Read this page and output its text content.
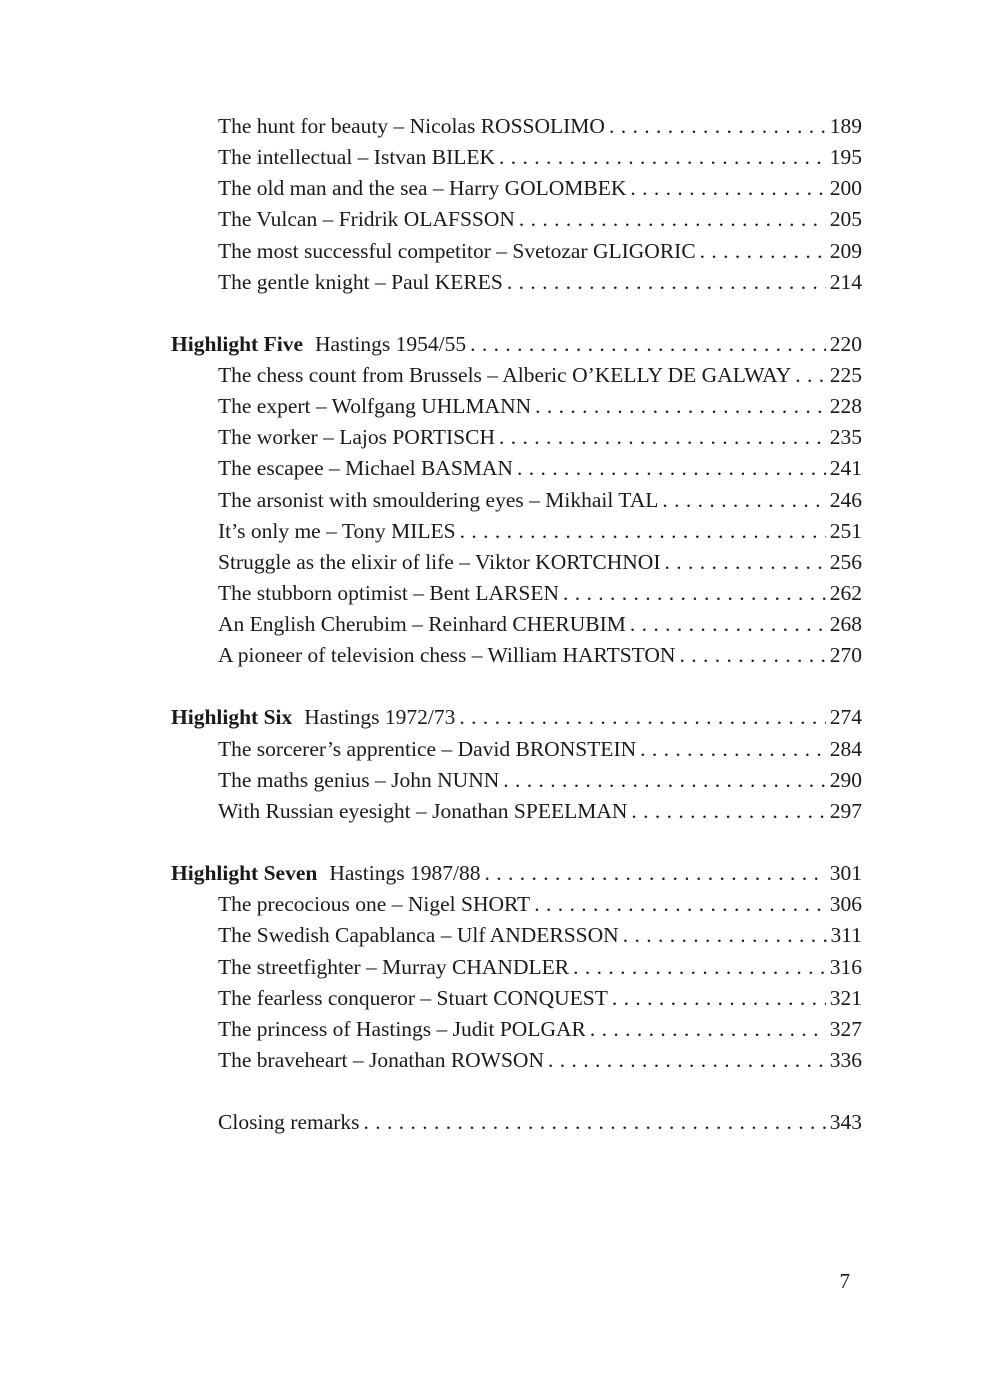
The hunt for beauty – Nicolas ROSSOLIMO . . .	189
The intellectual – Istvan BILEK . . .	195
The old man and the sea – Harry GOLOMBEK . . .	200
The Vulcan – Fridrik OLAFSSON . . .	205
The most successful competitor – Svetozar GLIGORIC . . .	209
The gentle knight – Paul KERES . . .	214
Highlight Five Hastings 1954/55 . . .	220
The chess count from Brussels – Alberic O’KELLY DE GALWAY . . . 225
The expert – Wolfgang UHLMANN . . .	228
The worker – Lajos PORTISCH . . .	235
The escapee – Michael BASMAN . . .	241
The arsonist with smouldering eyes – Mikhail TAL . . .	246
It’s only me – Tony MILES . . .	251
Struggle as the elixir of life – Viktor KORTCHNOI . . .	256
The stubborn optimist – Bent LARSEN . . .	262
An English Cherubim – Reinhard CHERUBIM . . .	268
A pioneer of television chess – William HARTSTON . . .	270
Highlight Six Hastings 1972/73 . . .	274
The sorcerer’s apprentice – David BRONSTEIN . . .	284
The maths genius – John NUNN . . .	290
With Russian eyesight – Jonathan SPEELMAN . . .	297
Highlight Seven Hastings 1987/88 . . .	301
The precocious one – Nigel SHORT . . .	306
The Swedish Capablanca – Ulf ANDERSSON . . .	311
The streetfighter – Murray CHANDLER . . .	316
The fearless conqueror – Stuart CONQUEST . . .	321
The princess of Hastings – Judit POLGAR . . .	327
The braveheart – Jonathan ROWSON . . .	336
Closing remarks . . .	343
7
